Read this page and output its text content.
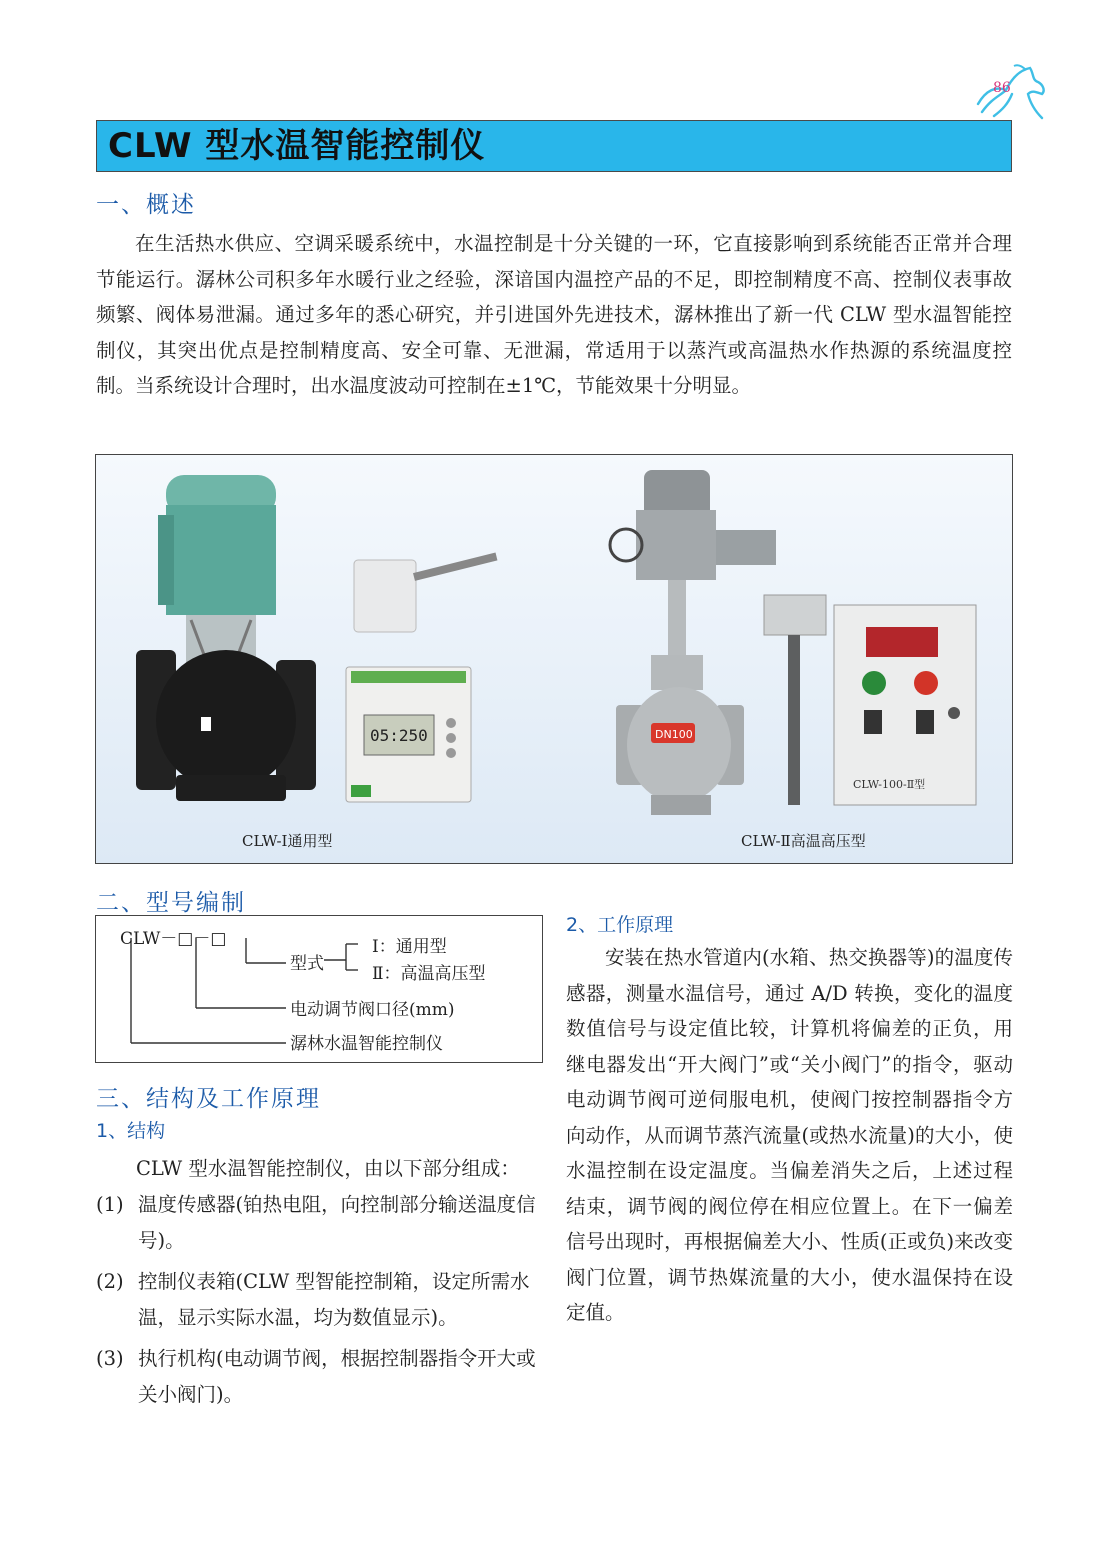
86
CLW 型水温智能控制仪
一、概述
在生活热水供应、空调采暖系统中，水温控制是十分关键的一环，它直接影响到系统能否正常并合理节能运行。潺林公司积多年水暖行业之经验，深谙国内温控产品的不足，即控制精度不高、控制仪表事故频繁、阀体易泄漏。通过多年的悉心研究，并引进国外先进技术，潺林推出了新一代 CLW 型水温智能控制仪，其突出优点是控制精度高、安全可靠、无泄漏，常适用于以蒸汽或高温热水作热源的系统温度控制。当系统设计合理时，出水温度波动可控制在±1℃，节能效果十分明显。
05:250	DN100
CLW-100-Ⅱ型
CLW-Ⅰ通用型	CLW-Ⅱ高温高压型
二、型号编制
CLW－□－□
型式
Ⅰ：通用型
Ⅱ：高温高压型
电动调节阀口径(mm)
潺林水温智能控制仪
三、结构及工作原理
1、结构
CLW 型水温智能控制仪，由以下部分组成：
(1) 温度传感器(铂热电阻，向控制部分输送温度信号)。
(2) 控制仪表箱(CLW 型智能控制箱，设定所需水温，显示实际水温，均为数值显示)。
(3) 执行机构(电动调节阀，根据控制器指令开大或关小阀门)。
2、工作原理
安装在热水管道内(水箱、热交换器等)的温度传感器，测量水温信号，通过 A/D 转换，变化的温度数值信号与设定值比较，计算机将偏差的正负，用继电器发出“开大阀门”或“关小阀门”的指令，驱动电动调节阀可逆伺服电机，使阀门按控制器指令方向动作，从而调节蒸汽流量(或热水流量)的大小，使水温控制在设定温度。当偏差消失之后，上述过程结束，调节阀的阀位停在相应位置上。在下一偏差信号出现时，再根据偏差大小、性质(正或负)来改变阀门位置，调节热媒流量的大小，使水温保持在设定值。
